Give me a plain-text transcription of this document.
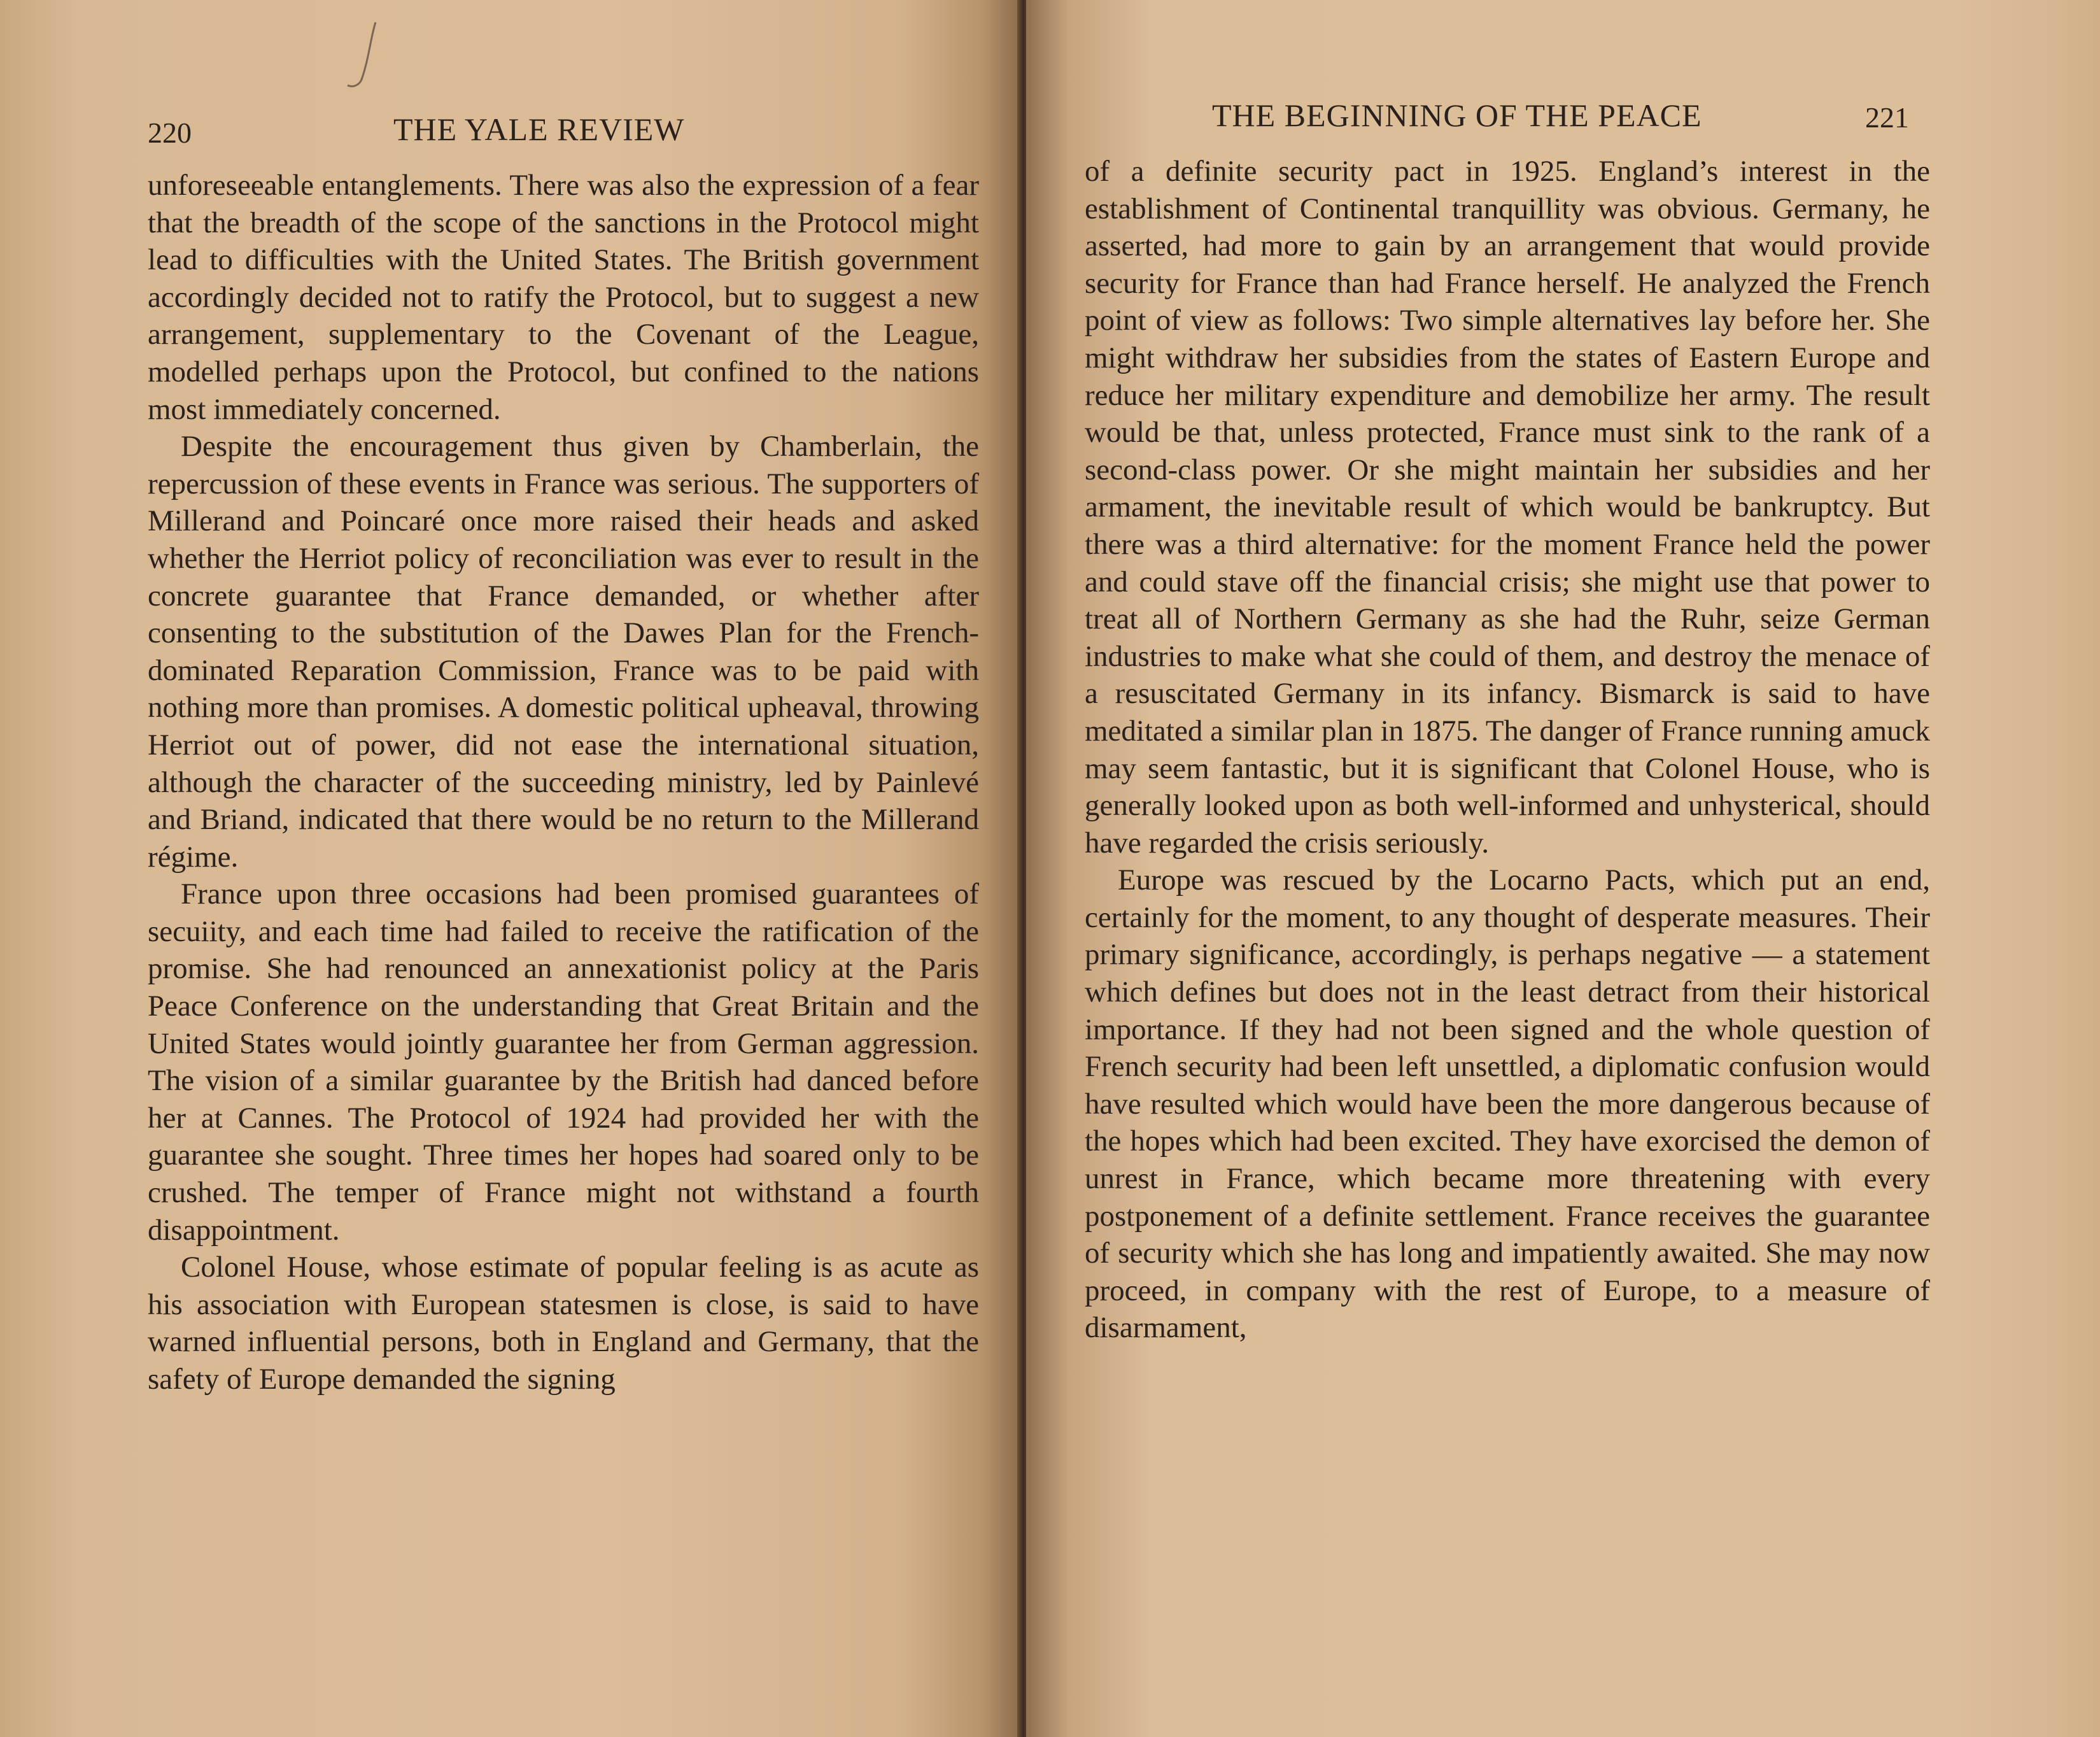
220	THE YALE REVIEW

unforeseeable entanglements. There was also the expression of a fear that the breadth of the scope of the sanctions in the Protocol might lead to difficulties with the United States. The British government accordingly decided not to ratify the Protocol, but to suggest a new arrangement, supplementary to the Covenant of the League, modelled perhaps upon the Protocol, but confined to the nations most immediately concerned.

Despite the encouragement thus given by Chamberlain, the repercussion of these events in France was serious. The supporters of Millerand and Poincaré once more raised their heads and asked whether the Herriot policy of reconciliation was ever to result in the concrete guarantee that France demanded, or whether after consenting to the substitution of the Dawes Plan for the French-dominated Reparation Commission, France was to be paid with nothing more than promises. A domestic political upheaval, throwing Herriot out of power, did not ease the international situation, although the character of the succeeding ministry, led by Painlevé and Briand, indicated that there would be no return to the Millerand régime.

France upon three occasions had been promised guarantees of secuiity, and each time had failed to receive the ratification of the promise. She had renounced an annexationist policy at the Paris Peace Conference on the understanding that Great Britain and the United States would jointly guarantee her from German aggression. The vision of a similar guarantee by the British had danced before her at Cannes. The Protocol of 1924 had provided her with the guarantee she sought. Three times her hopes had soared only to be crushed. The temper of France might not withstand a fourth disappointment.

Colonel House, whose estimate of popular feeling is as acute as his association with European statesmen is close, is said to have warned influential persons, both in England and Germany, that the safety of Europe demanded the signing

THE BEGINNING OF THE PEACE	221

of a definite security pact in 1925. England’s interest in the establishment of Continental tranquillity was obvious. Germany, he asserted, had more to gain by an arrangement that would provide security for France than had France herself. He analyzed the French point of view as follows: Two simple alternatives lay before her. She might withdraw her subsidies from the states of Eastern Europe and reduce her military expenditure and demobilize her army. The result would be that, unless protected, France must sink to the rank of a second-class power. Or she might maintain her subsidies and her armament, the inevitable result of which would be bankruptcy. But there was a third alternative: for the moment France held the power and could stave off the financial crisis; she might use that power to treat all of Northern Germany as she had the Ruhr, seize German industries to make what she could of them, and destroy the menace of a resuscitated Germany in its infancy. Bismarck is said to have meditated a similar plan in 1875. The danger of France running amuck may seem fantastic, but it is significant that Colonel House, who is generally looked upon as both well-informed and unhysterical, should have regarded the crisis seriously.

Europe was rescued by the Locarno Pacts, which put an end, certainly for the moment, to any thought of desperate measures. Their primary significance, accordingly, is perhaps negative — a statement which defines but does not in the least detract from their historical importance. If they had not been signed and the whole question of French security had been left unsettled, a diplomatic confusion would have resulted which would have been the more dangerous because of the hopes which had been excited. They have exorcised the demon of unrest in France, which became more threatening with every postponement of a definite settlement. France receives the guarantee of security which she has long and impatiently awaited. She may now proceed, in company with the rest of Europe, to a measure of disarmament,
